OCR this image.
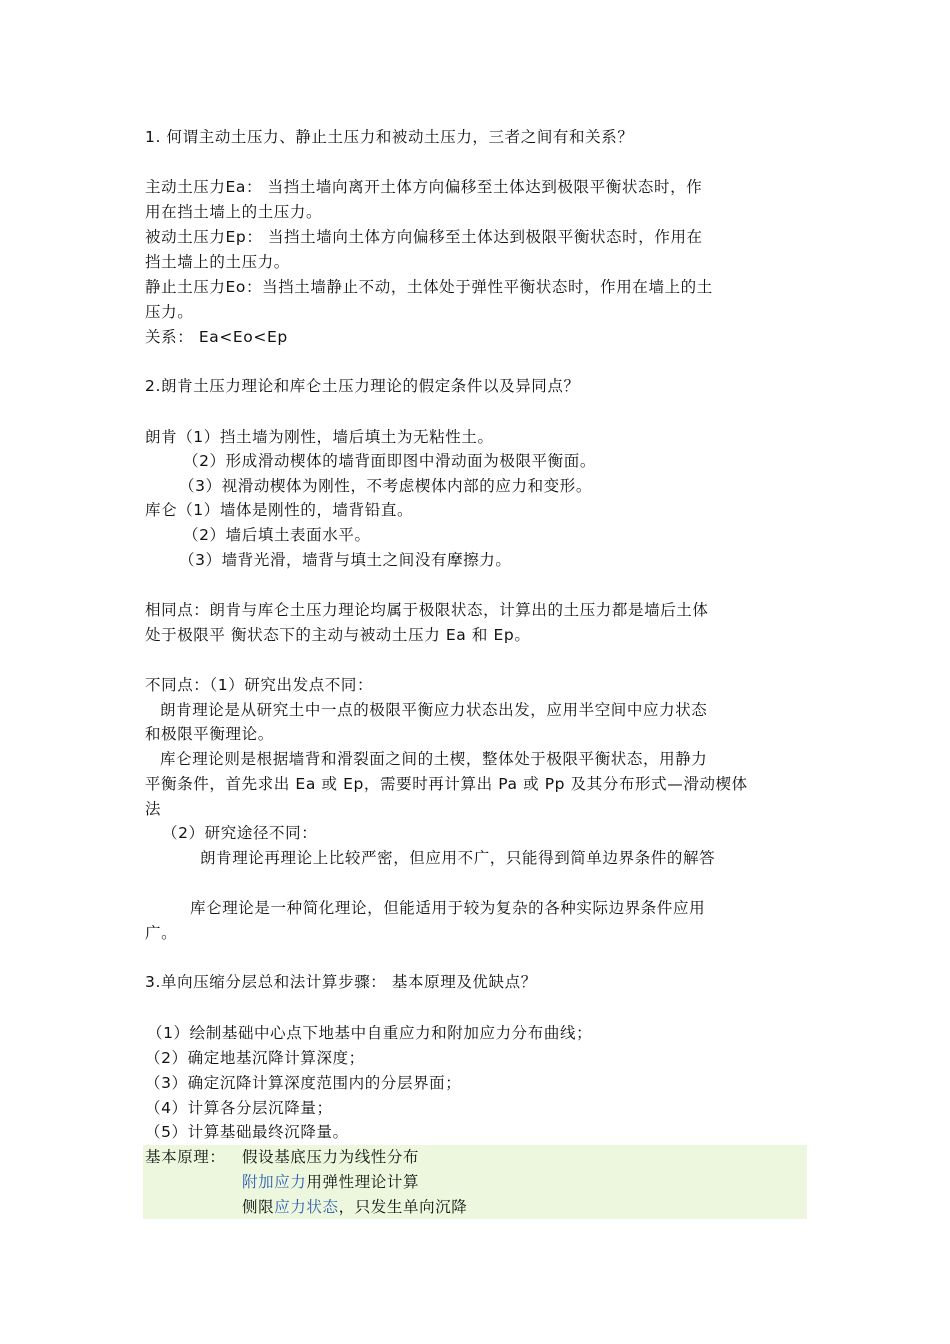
1. 何谓主动土压力、静止土压力和被动土压力，三者之间有和关系？
主动土压力Ea： 当挡土墙向离开土体方向偏移至土体达到极限平衡状态时，作
用在挡土墙上的土压力。
被动土压力Ep： 当挡土墙向土体方向偏移至土体达到极限平衡状态时，作用在
挡土墙上的土压力。
静止土压力Eo：当挡土墙静止不动，土体处于弹性平衡状态时，作用在墙上的土
压力。
关系： Ea<Eo<Ep
2.朗肯土压力理论和库仑土压力理论的假定条件以及异同点？
朗肯（1）挡土墙为刚性，墙后填土为无粘性土。
（2）形成滑动楔体的墙背面即图中滑动面为极限平衡面。
（3）视滑动楔体为刚性，不考虑楔体内部的应力和变形。
库仑（1）墙体是刚性的，墙背铅直。
（2）墙后填土表面水平。
（3）墙背光滑，墙背与填土之间没有摩擦力。
相同点：朗肯与库仑土压力理论均属于极限状态，计算出的土压力都是墙后土体
处于极限平 衡状态下的主动与被动土压力 Ea 和 Ep。
不同点：（1）研究出发点不同：
朗肯理论是从研究土中一点的极限平衡应力状态出发，应用半空间中应力状态
和极限平衡理论。
库仑理论则是根据墙背和滑裂面之间的土楔，整体处于极限平衡状态，用静力
平衡条件，首先求出 Ea 或 Ep，需要时再计算出 Pa 或 Pp 及其分布形式—滑动楔体
法
（2）研究途径不同：
朗肯理论再理论上比较严密，但应用不广，只能得到简单边界条件的解答
库仑理论是一种简化理论，但能适用于较为复杂的各种实际边界条件应用
广。
3.单向压缩分层总和法计算步骤： 基本原理及优缺点？
（1）绘制基础中心点下地基中自重应力和附加应力分布曲线；
（2）确定地基沉降计算深度；
（3）确定沉降计算深度范围内的分层界面；
（4）计算各分层沉降量；
（5）计算基础最终沉降量。
基本原理：	假设基底压力为线性分布
附加应力用弹性理论计算
侧限应力状态，只发生单向沉降
